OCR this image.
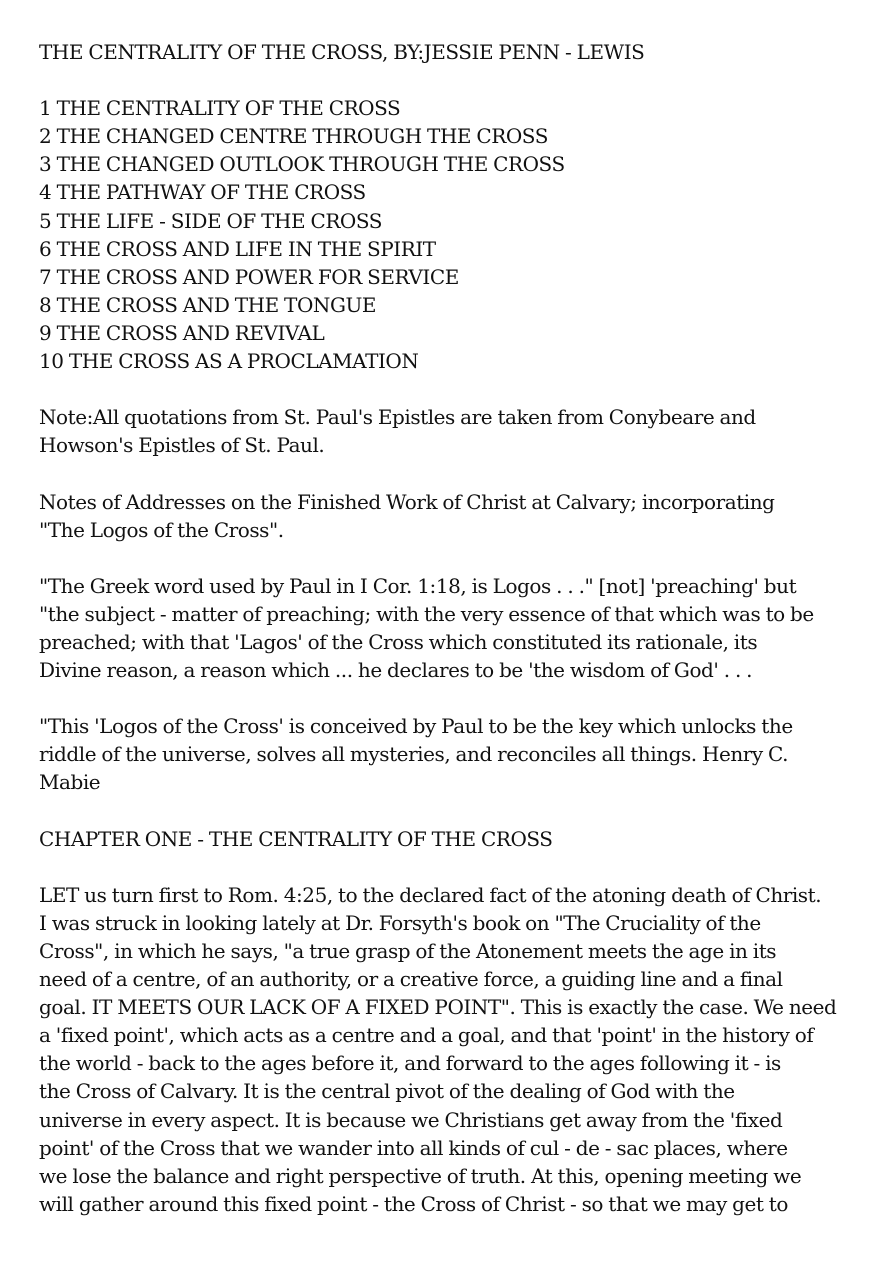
THE CENTRALITY OF THE CROSS, BY:JESSIE PENN - LEWIS
1 THE CENTRALITY OF THE CROSS
2 THE CHANGED CENTRE THROUGH THE CROSS
3 THE CHANGED OUTLOOK THROUGH THE CROSS
4 THE PATHWAY OF THE CROSS
5 THE LIFE - SIDE OF THE CROSS
6 THE CROSS AND LIFE IN THE SPIRIT
7 THE CROSS AND POWER FOR SERVICE
8 THE CROSS AND THE TONGUE
9 THE CROSS AND REVIVAL
10 THE CROSS AS A PROCLAMATION
Note:All quotations from St. Paul's Epistles are taken from Conybeare and
Howson's Epistles of St. Paul.
Notes of Addresses on the Finished Work of Christ at Calvary; incorporating
"The Logos of the Cross".
"The Greek word used by Paul in I Cor. 1:18, is Logos . . ." [not] 'preaching' but
"the subject - matter of preaching; with the very essence of that which was to be
preached; with that 'Lagos' of the Cross which constituted its rationale, its
Divine reason, a reason which ... he declares to be 'the wisdom of God' . . .
"This 'Logos of the Cross' is conceived by Paul to be the key which unlocks the
riddle of the universe, solves all mysteries, and reconciles all things. Henry C.
Mabie
CHAPTER ONE - THE CENTRALITY OF THE CROSS
LET us turn first to Rom. 4:25, to the declared fact of the atoning death of Christ.
I was struck in looking lately at Dr. Forsyth's book on "The Cruciality of the
Cross", in which he says, "a true grasp of the Atonement meets the age in its
need of a centre, of an authority, or a creative force, a guiding line and a final
goal. IT MEETS OUR LACK OF A FIXED POINT". This is exactly the case. We need
a 'fixed point', which acts as a centre and a goal, and that 'point' in the history of
the world - back to the ages before it, and forward to the ages following it - is
the Cross of Calvary. It is the central pivot of the dealing of God with the
universe in every aspect. It is because we Christians get away from the 'fixed
point' of the Cross that we wander into all kinds of cul - de - sac places, where
we lose the balance and right perspective of truth. At this, opening meeting we
will gather around this fixed point - the Cross of Christ - so that we may get to
